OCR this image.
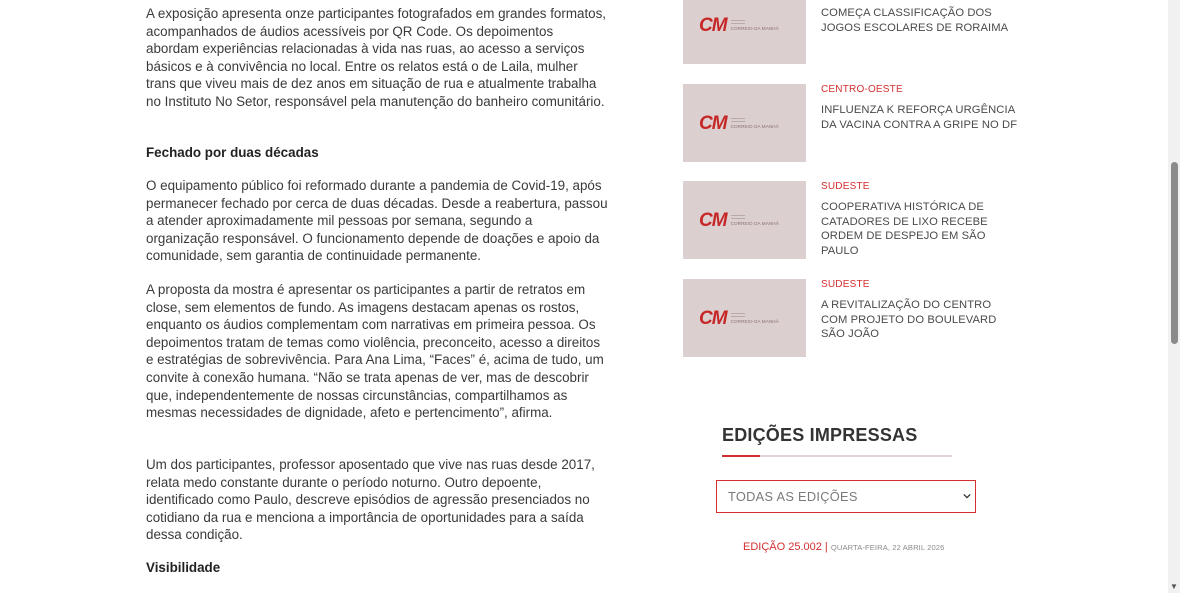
A exposição apresenta onze participantes fotografados em grandes formatos, acompanhados de áudios acessíveis por QR Code. Os depoimentos abordam experiências relacionadas à vida nas ruas, ao acesso a serviços básicos e à convivência no local. Entre os relatos está o de Laila, mulher trans que viveu mais de dez anos em situação de rua e atualmente trabalha no Instituto No Setor, responsável pela manutenção do banheiro comunitário.

Fechado por duas décadas

O equipamento público foi reformado durante a pandemia de Covid-19, após permanecer fechado por cerca de duas décadas. Desde a reabertura, passou a atender aproximadamente mil pessoas por semana, segundo a organização responsável. O funcionamento depende de doações e apoio da comunidade, sem garantia de continuidade permanente.

A proposta da mostra é apresentar os participantes a partir de retratos em close, sem elementos de fundo. As imagens destacam apenas os rostos, enquanto os áudios complementam com narrativas em primeira pessoa. Os depoimentos tratam de temas como violência, preconceito, acesso a direitos e estratégias de sobrevivência. Para Ana Lima, “Faces” é, acima de tudo, um convite à conexão humana. “Não se trata apenas de ver, mas de descobrir que, independentemente de nossas circunstâncias, compartilhamos as mesmas necessidades de dignidade, afeto e pertencimento”, afirma.

Um dos participantes, professor aposentado que vive nas ruas desde 2017, relata medo constante durante o período noturno. Outro depoente, identificado como Paulo, descreve episódios de agressão presenciados no cotidiano da rua e menciona a importância de oportunidades para a saída dessa condição.

Visibilidade
CM CORREIO DA MANHÃ
COMEÇA CLASSIFICAÇÃO DOS JOGOS ESCOLARES DE RORAIMA
CM CORREIO DA MANHÃ
CENTRO-OESTE
INFLUENZA K REFORÇA URGÊNCIA DA VACINA CONTRA A GRIPE NO DF
CM CORREIO DA MANHÃ
SUDESTE
COOPERATIVA HISTÓRICA DE CATADORES DE LIXO RECEBE ORDEM DE DESPEJO EM SÃO PAULO
CM CORREIO DA MANHÃ
SUDESTE
A REVITALIZAÇÃO DO CENTRO COM PROJETO DO BOULEVARD SÃO JOÃO
EDIÇÕES IMPRESSAS
TODAS AS EDIÇÕES
EDIÇÃO 25.002 | QUARTA-FEIRA, 22 ABRIL 2026
▼
